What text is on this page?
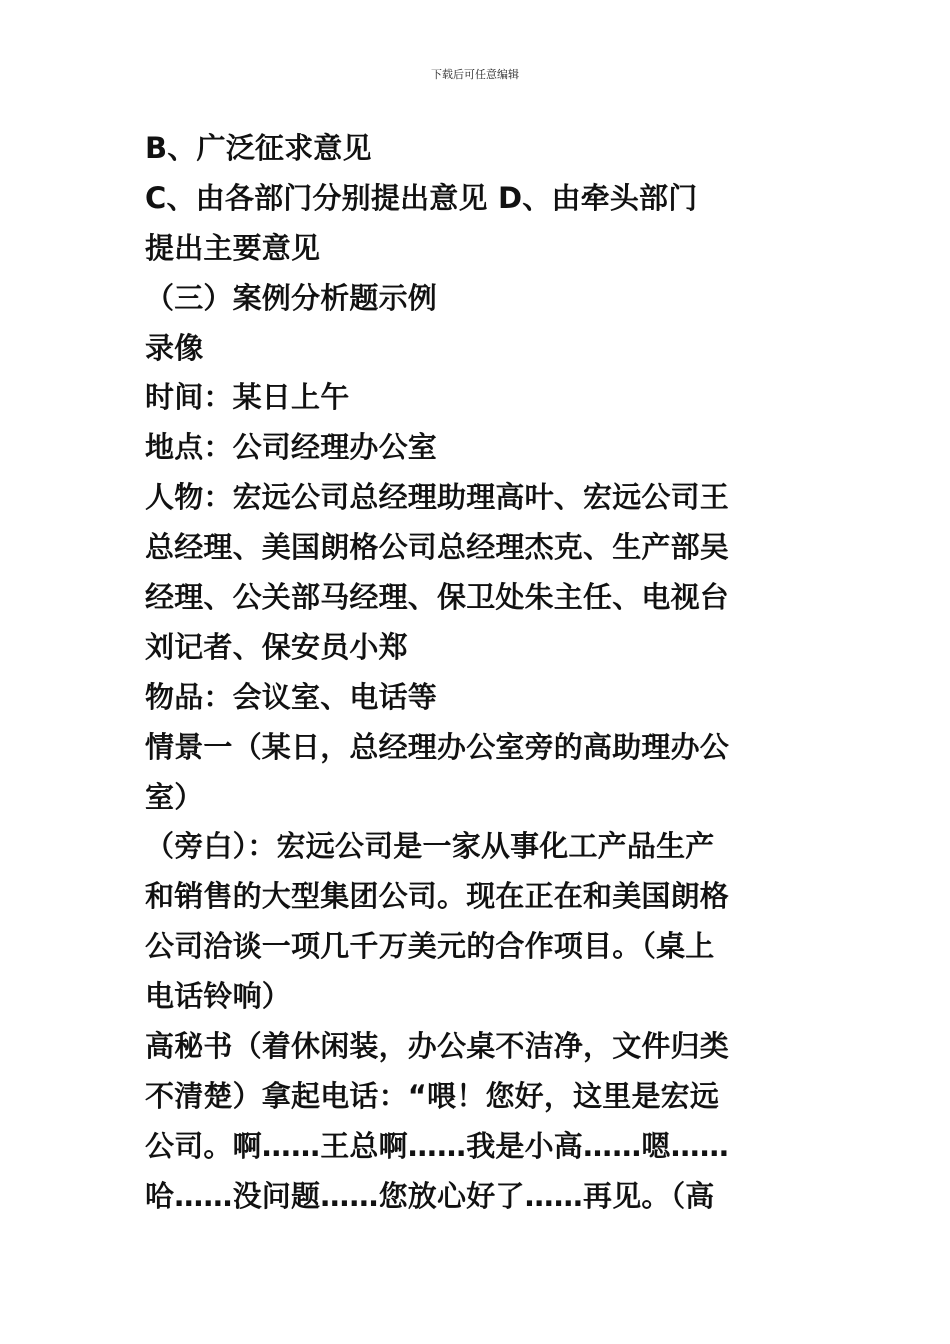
下载后可任意编辑
B、广泛征求意见
C、由各部门分别提出意见 D、由牵头部门
提出主要意见
（三）案例分析题示例
录像
时间：某日上午
地点：公司经理办公室
人物：宏远公司总经理助理高叶、宏远公司王
总经理、美国朗格公司总经理杰克、生产部吴
经理、公关部马经理、保卫处朱主任、电视台
刘记者、保安员小郑
物品：会议室、电话等
情景一（某日，总经理办公室旁的高助理办公
室）
（旁白）：宏远公司是一家从事化工产品生产
和销售的大型集团公司。现在正在和美国朗格
公司洽谈一项几千万美元的合作项目。（桌上
电话铃响）
高秘书（着休闲装，办公桌不洁净，文件归类
不清楚）拿起电话：“喂！您好，这里是宏远
公司。啊……王总啊……我是小高……嗯……
哈……没问题……您放心好了……再见。（高
